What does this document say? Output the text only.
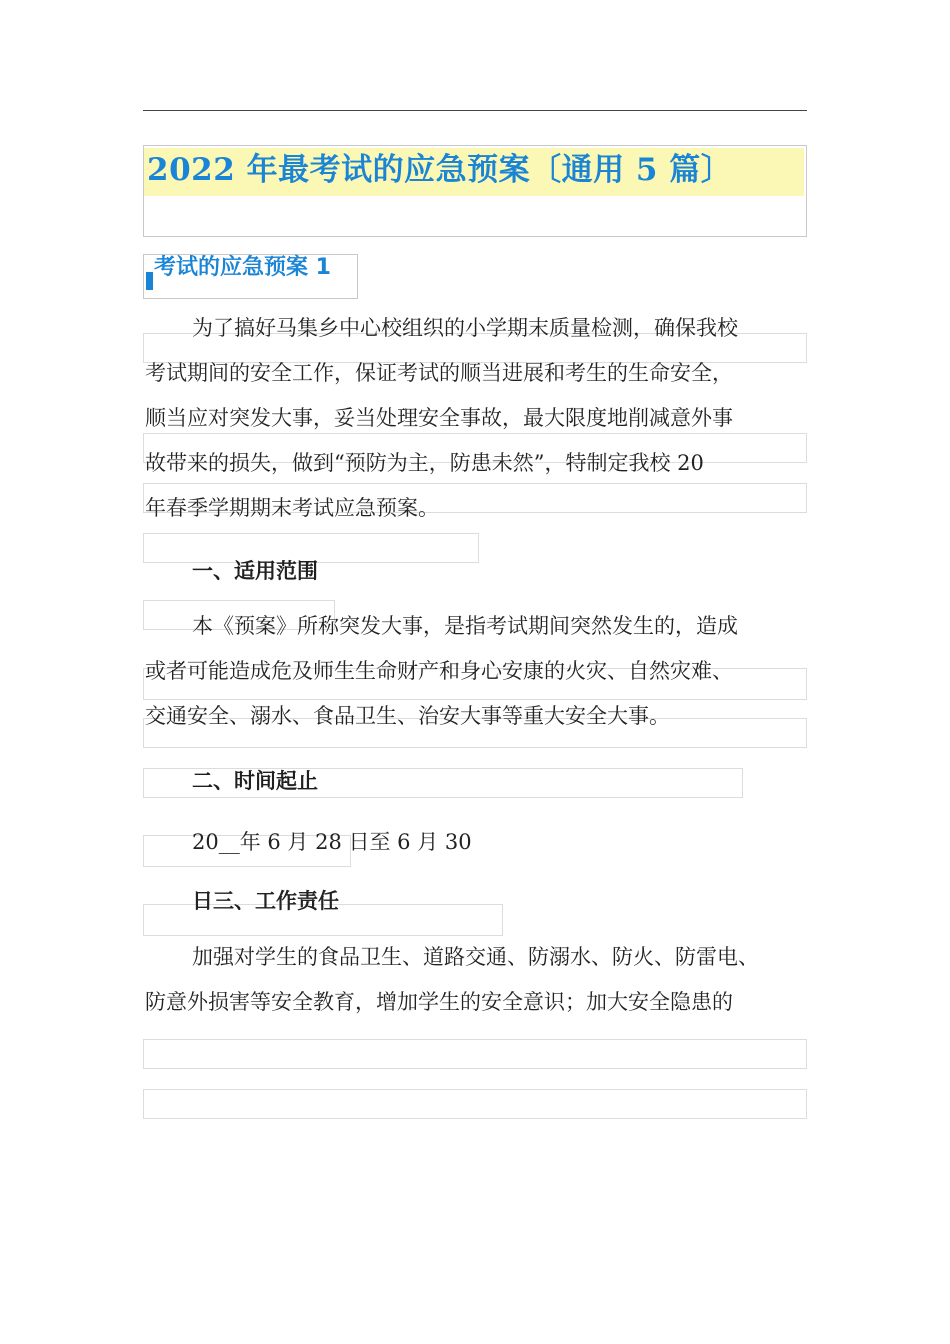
2022 年最考试的应急预案〔通用 5 篇〕
考试的应急预案 1
为了搞好马集乡中心校组织的小学期末质量检测，确保我校
考试期间的安全工作，保证考试的顺当进展和考生的生命安全，
顺当应对突发大事，妥当处理安全事故，最大限度地削减意外事
故带来的损失，做到“预防为主，防患未然”，特制定我校 20
年春季学期期末考试应急预案。
一、适用范围
本《预案》所称突发大事，是指考试期间突然发生的，造成
或者可能造成危及师生生命财产和身心安康的火灾、自然灾难、
交通安全、溺水、食品卫生、治安大事等重大安全大事。
二、时间起止
20__年 6 月 28 日至 6 月 30
日三、工作责任
加强对学生的食品卫生、道路交通、防溺水、防火、防雷电、
防意外损害等安全教育，增加学生的安全意识；加大安全隐患的
